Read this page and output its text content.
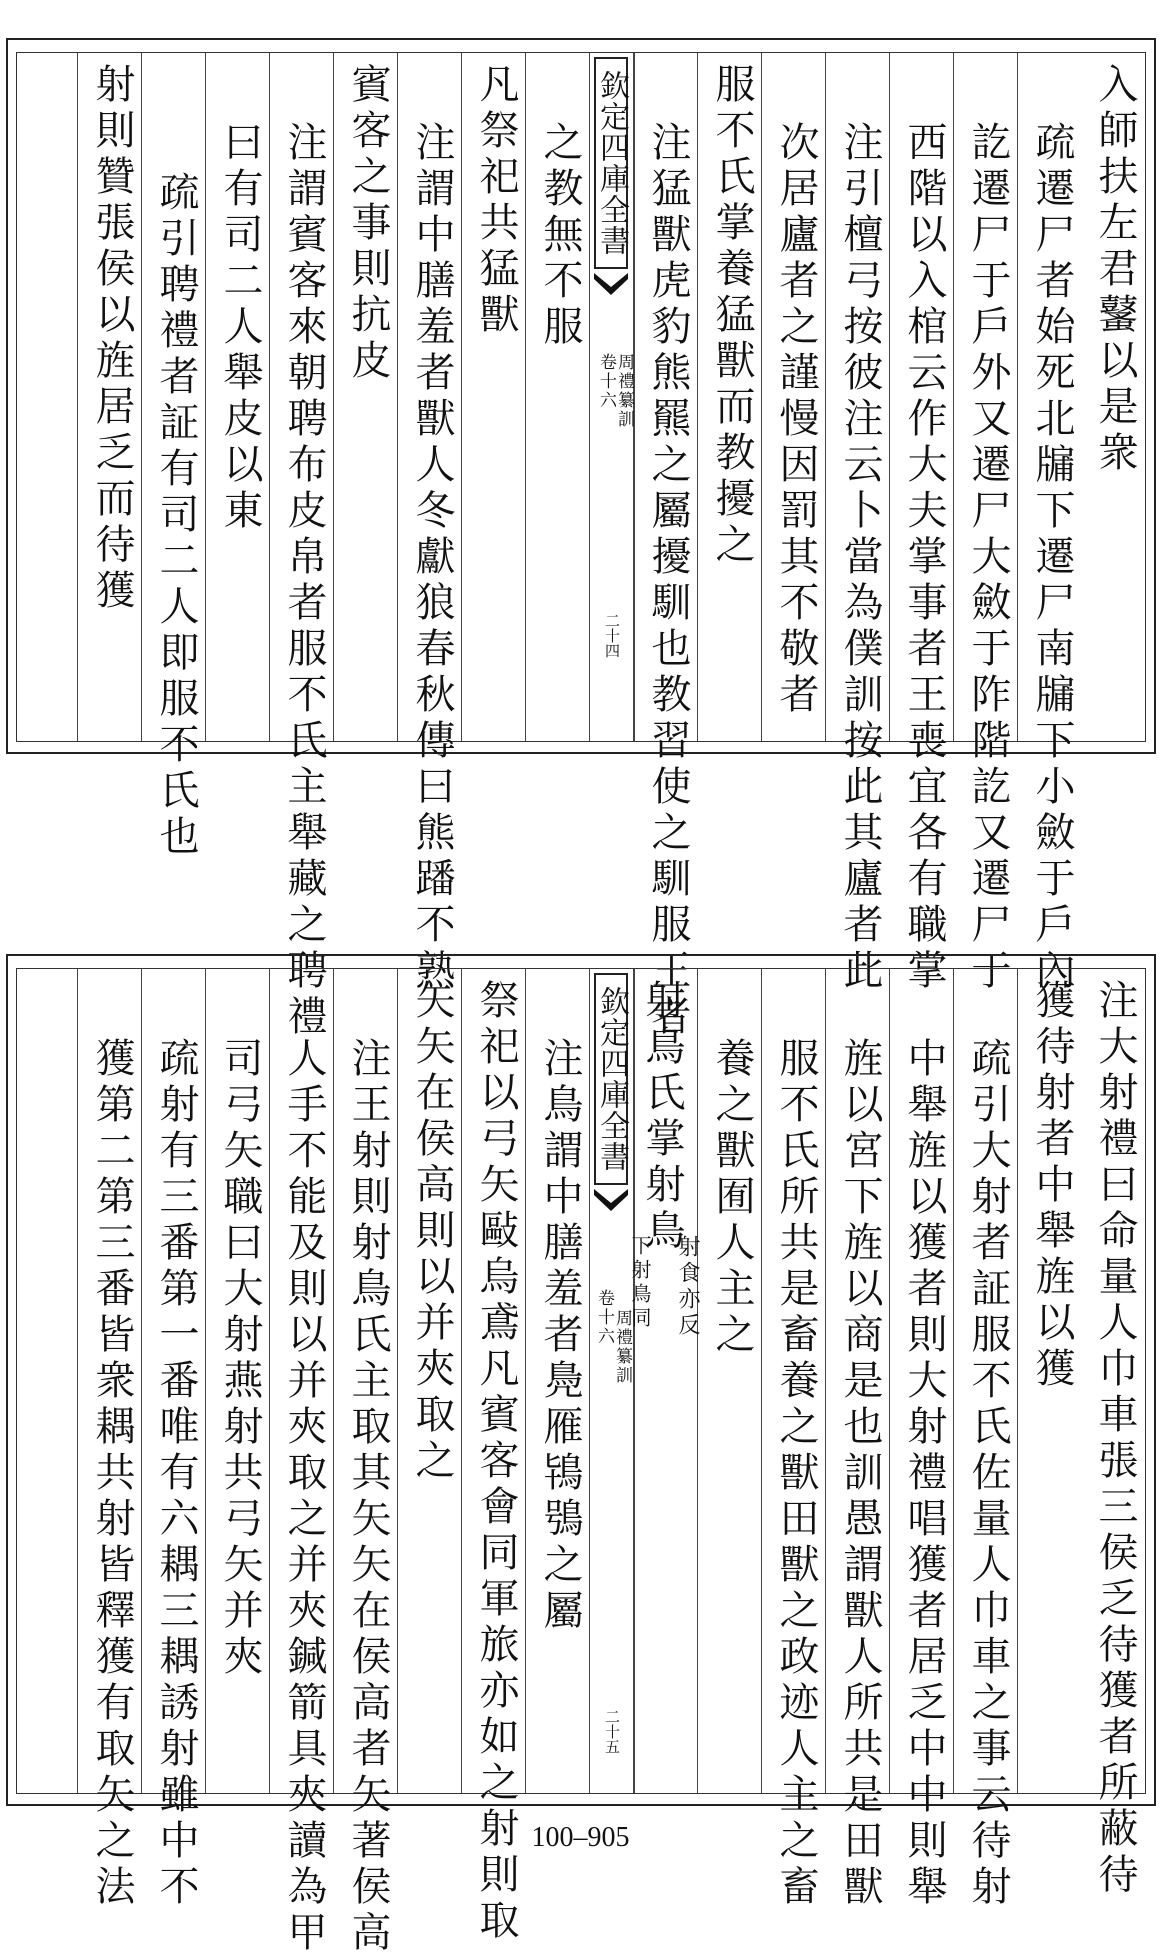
入師扶左君鼜以是衆
疏遷尸者始死北牖下遷尸南牖下小斂于戶內
訖遷尸于戶外又遷尸大斂于阼階訖又遷尸于
西階以入棺云作大夫掌事者王喪宜各有職掌
注引檀弓按彼注云卜當為僕訓按此其廬者此
次居廬者之謹慢因罰其不敬者
服不氏掌養猛獸而教擾之
注猛獸虎豹熊羆之屬擾馴也教習使之馴服王者
欽定四庫全書
卷十六
周禮纂訓
二十四
之教無不服
凡祭祀共猛獸
注謂中膳羞者獸人冬獻狼春秋傳曰熊蹯不熟
賓客之事則抗皮
注謂賓客來朝聘布皮帛者服不氏主舉藏之聘禮
曰有司二人舉皮以東
疏引聘禮者証有司二人即服不氏也
射則贊張侯以旌居乏而待獲
注大射禮曰命量人巾車張三侯乏待獲者所蔽待
獲待射者中舉旌以獲
疏引大射者証服不氏佐量人巾車之事云待射
中舉旌以獲者則大射禮唱獲者居乏中中則舉
旌以宮下旌以商是也訓愚謂獸人所共是田獸
服不氏所共是畜養之獸田獸之政迹人主之畜
養之獸囿人主之
射鳥氏掌射鳥
射食亦反
欽定四庫全書
下射鳥同
卷十六
周禮纂訓
二十五
注鳥謂中膳羞者鳧雁鴇鴞之屬
祭祀以弓矢敺烏鳶凡賓客會同軍旅亦如之射則取
矢矢在侯高則以并夾取之
注王射則射鳥氏主取其矢矢在侯高者矢著侯高
人手不能及則以并夾取之并夾鍼箭具夾讀為甲
司弓矢職曰大射燕射共弓矢并夾
疏射有三番第一番唯有六耦三耦誘射雖中不
獲第二第三番皆衆耦共射皆釋獲有取矢之法	100–905
